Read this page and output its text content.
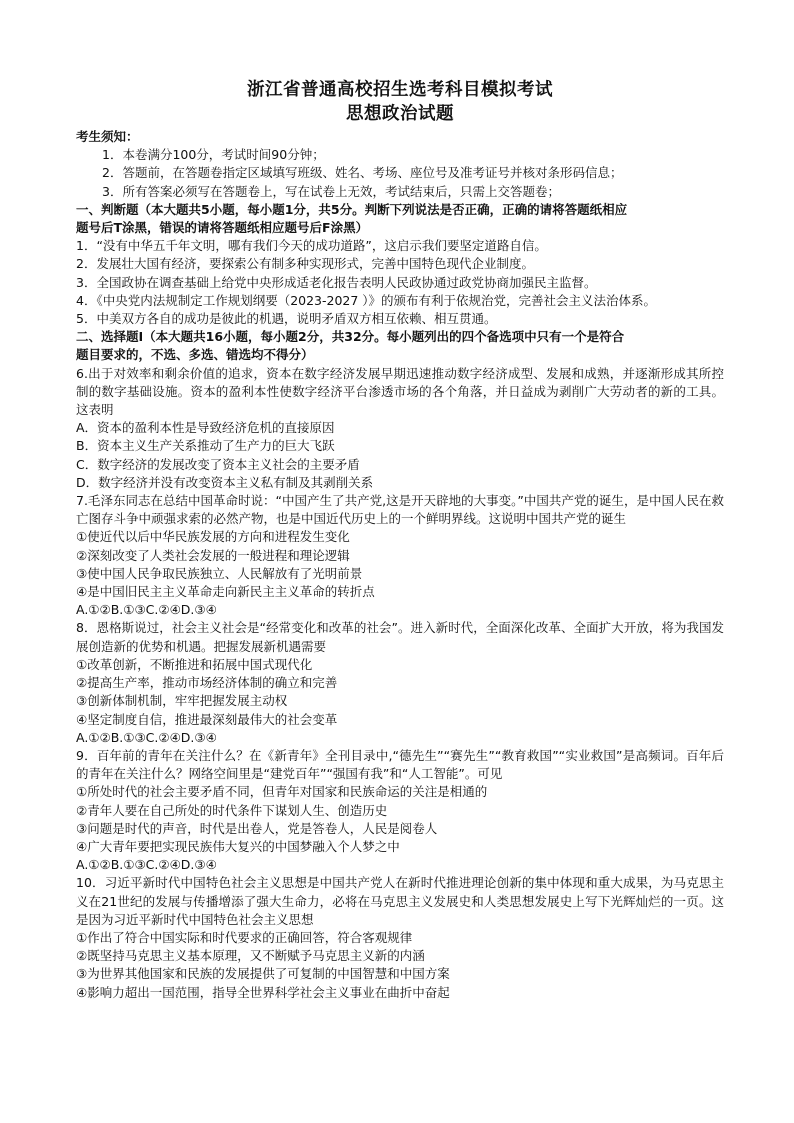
浙江省普通高校招生选考科目模拟考试
思想政治试题
考生须知：
1．本卷满分100分，考试时间90分钟；
2．答题前，在答题卷指定区域填写班级、姓名、考场、座位号及准考证号并核对条形码信息；
3．所有答案必须写在答题卷上，写在试卷上无效，考试结束后，只需上交答题卷；
一、判断题（本大题共5小题，每小题1分，共5分。判断下列说法是否正确，正确的请将答题纸相应
题号后T涂黑，错误的请将答题纸相应题号后F涂黑）
1．“没有中华五千年文明，哪有我们今天的成功道路”，这启示我们要坚定道路自信。
2．发展壮大国有经济，要探索公有制多种实现形式，完善中国特色现代企业制度。
3．全国政协在调查基础上给党中央形成适老化报告表明人民政协通过政党协商加强民主监督。
4．《中央党内法规制定工作规划纲要（2023-2027 ）》的颁布有利于依规治党，完善社会主义法治体系。
5．中美双方各自的成功是彼此的机遇，说明矛盾双方相互依赖、相互贯通。
二、选择题Ⅰ（本大题共16小题，每小题2分，共32分。每小题列出的四个备选项中只有一个是符合
题目要求的，不选、多选、错选均不得分）
6.出于对效率和剩余价值的追求，资本在数字经济发展早期迅速推动数字经济成型、发展和成熟，并逐渐形成其所控制的数字基础设施。资本的盈利本性使数字经济平台渗透市场的各个角落，并日益成为剥削广大劳动者的新的工具。这表明
A．资本的盈利本性是导致经济危机的直接原因
B．资本主义生产关系推动了生产力的巨大飞跃
C．数字经济的发展改变了资本主义社会的主要矛盾
D．数字经济并没有改变资本主义私有制及其剥削关系
7.毛泽东同志在总结中国革命时说：“中国产生了共产党,这是开天辟地的大事变。”中国共产党的诞生，是中国人民在救亡图存斗争中顽强求索的必然产物，也是中国近代历史上的一个鲜明界线。这说明中国共产党的诞生
①使近代以后中华民族发展的方向和进程发生变化
②深刻改变了人类社会发展的一般进程和理论逻辑
③使中国人民争取民族独立、人民解放有了光明前景
④是中国旧民主主义革命走向新民主主义革命的转折点
A.①②B.①③C.②④D.③④
8．恩格斯说过，社会主义社会是“经常变化和改革的社会”。进入新时代，全面深化改革、全面扩大开放，将为我国发展创造新的优势和机遇。把握发展新机遇需要
①改革创新，不断推进和拓展中国式现代化
②提高生产率，推动市场经济体制的确立和完善
③创新体制机制，牢牢把握发展主动权
④坚定制度自信，推进最深刻最伟大的社会变革
A.①②B.①③C.②④D.③④
9．百年前的青年在关注什么？在《新青年》全刊目录中,“德先生”“赛先生”“教育救国”“实业救国”是高频词。百年后的青年在关注什么？网络空间里是“建党百年”“强国有我”和“人工智能”。可见
①所处时代的社会主要矛盾不同，但青年对国家和民族命运的关注是相通的
②青年人要在自己所处的时代条件下谋划人生、创造历史
③问题是时代的声音，时代是出卷人，党是答卷人，人民是阅卷人
④广大青年要把实现民族伟大复兴的中国梦融入个人梦之中
A.①②B.①③C.②④D.③④
10．习近平新时代中国特色社会主义思想是中国共产党人在新时代推进理论创新的集中体现和重大成果，为马克思主义在21世纪的发展与传播增添了强大生命力，必将在马克思主义发展史和人类思想发展史上写下光辉灿烂的一页。这是因为习近平新时代中国特色社会主义思想
①作出了符合中国实际和时代要求的正确回答，符合客观规律
②既坚持马克思主义基本原理，又不断赋予马克思主义新的内涵
③为世界其他国家和民族的发展提供了可复制的中国智慧和中国方案
④影响力超出一国范围，指导全世界科学社会主义事业在曲折中奋起
